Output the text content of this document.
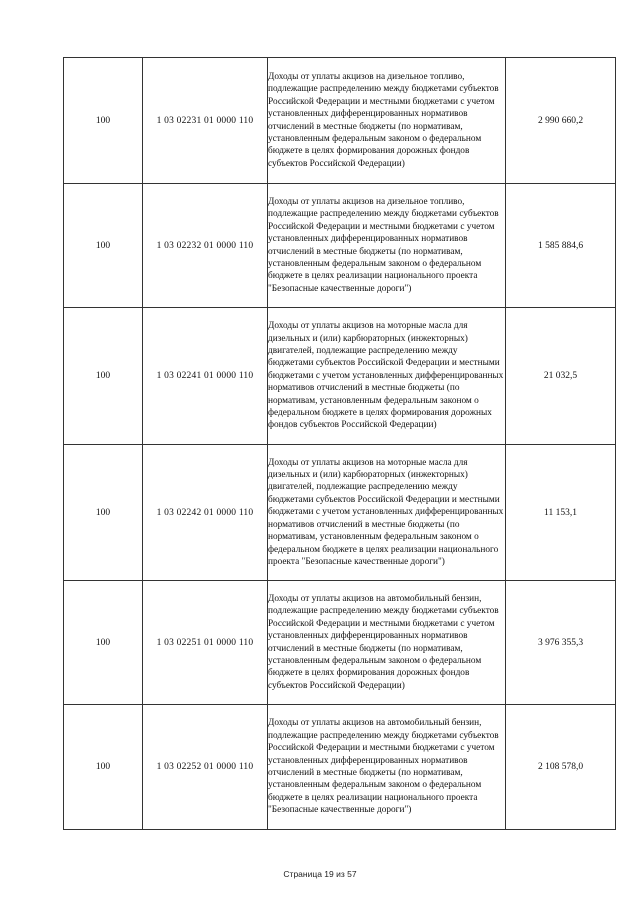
100	1 03 02231 01 0000 110	Доходы от уплаты акцизов на дизельное топливо, подлежащие распределению между бюджетами субъектов Российской Федерации и местными бюджетами с учетом установленных дифференцированных нормативов отчислений в местные бюджеты (по нормативам, установленным федеральным законом о федеральном бюджете в целях формирования дорожных фондов субъектов Российской Федерации)	2 990 660,2
100	1 03 02232 01 0000 110	Доходы от уплаты акцизов на дизельное топливо, подлежащие распределению между бюджетами субъектов Российской Федерации и местными бюджетами с учетом установленных дифференцированных нормативов отчислений в местные бюджеты (по нормативам, установленным федеральным законом о федеральном бюджете в целях реализации национального проекта "Безопасные качественные дороги")	1 585 884,6
100	1 03 02241 01 0000 110	Доходы от уплаты акцизов на моторные масла для дизельных и (или) карбюраторных (инжекторных) двигателей, подлежащие распределению между бюджетами субъектов Российской Федерации и местными бюджетами с учетом установленных дифференцированных нормативов отчислений в местные бюджеты (по нормативам, установленным федеральным законом о федеральном бюджете в целях формирования дорожных фондов субъектов Российской Федерации)	21 032,5
100	1 03 02242 01 0000 110	Доходы от уплаты акцизов на моторные масла для дизельных и (или) карбюраторных (инжекторных) двигателей, подлежащие распределению между бюджетами субъектов Российской Федерации и местными бюджетами с учетом установленных дифференцированных нормативов отчислений в местные бюджеты (по нормативам, установленным федеральным законом о федеральном бюджете в целях реализации национального проекта "Безопасные качественные дороги")	11 153,1
100	1 03 02251 01 0000 110	Доходы от уплаты акцизов на автомобильный бензин, подлежащие распределению между бюджетами субъектов Российской Федерации и местными бюджетами с учетом установленных дифференцированных нормативов отчислений в местные бюджеты (по нормативам, установленным федеральным законом о федеральном бюджете в целях формирования дорожных фондов субъектов Российской Федерации)	3 976 355,3
100	1 03 02252 01 0000 110	Доходы от уплаты акцизов на автомобильный бензин, подлежащие распределению между бюджетами субъектов Российской Федерации и местными бюджетами с учетом установленных дифференцированных нормативов отчислений в местные бюджеты (по нормативам, установленным федеральным законом о федеральном бюджете в целях реализации национального проекта "Безопасные качественные дороги")	2 108 578,0
Страница 19 из 57
